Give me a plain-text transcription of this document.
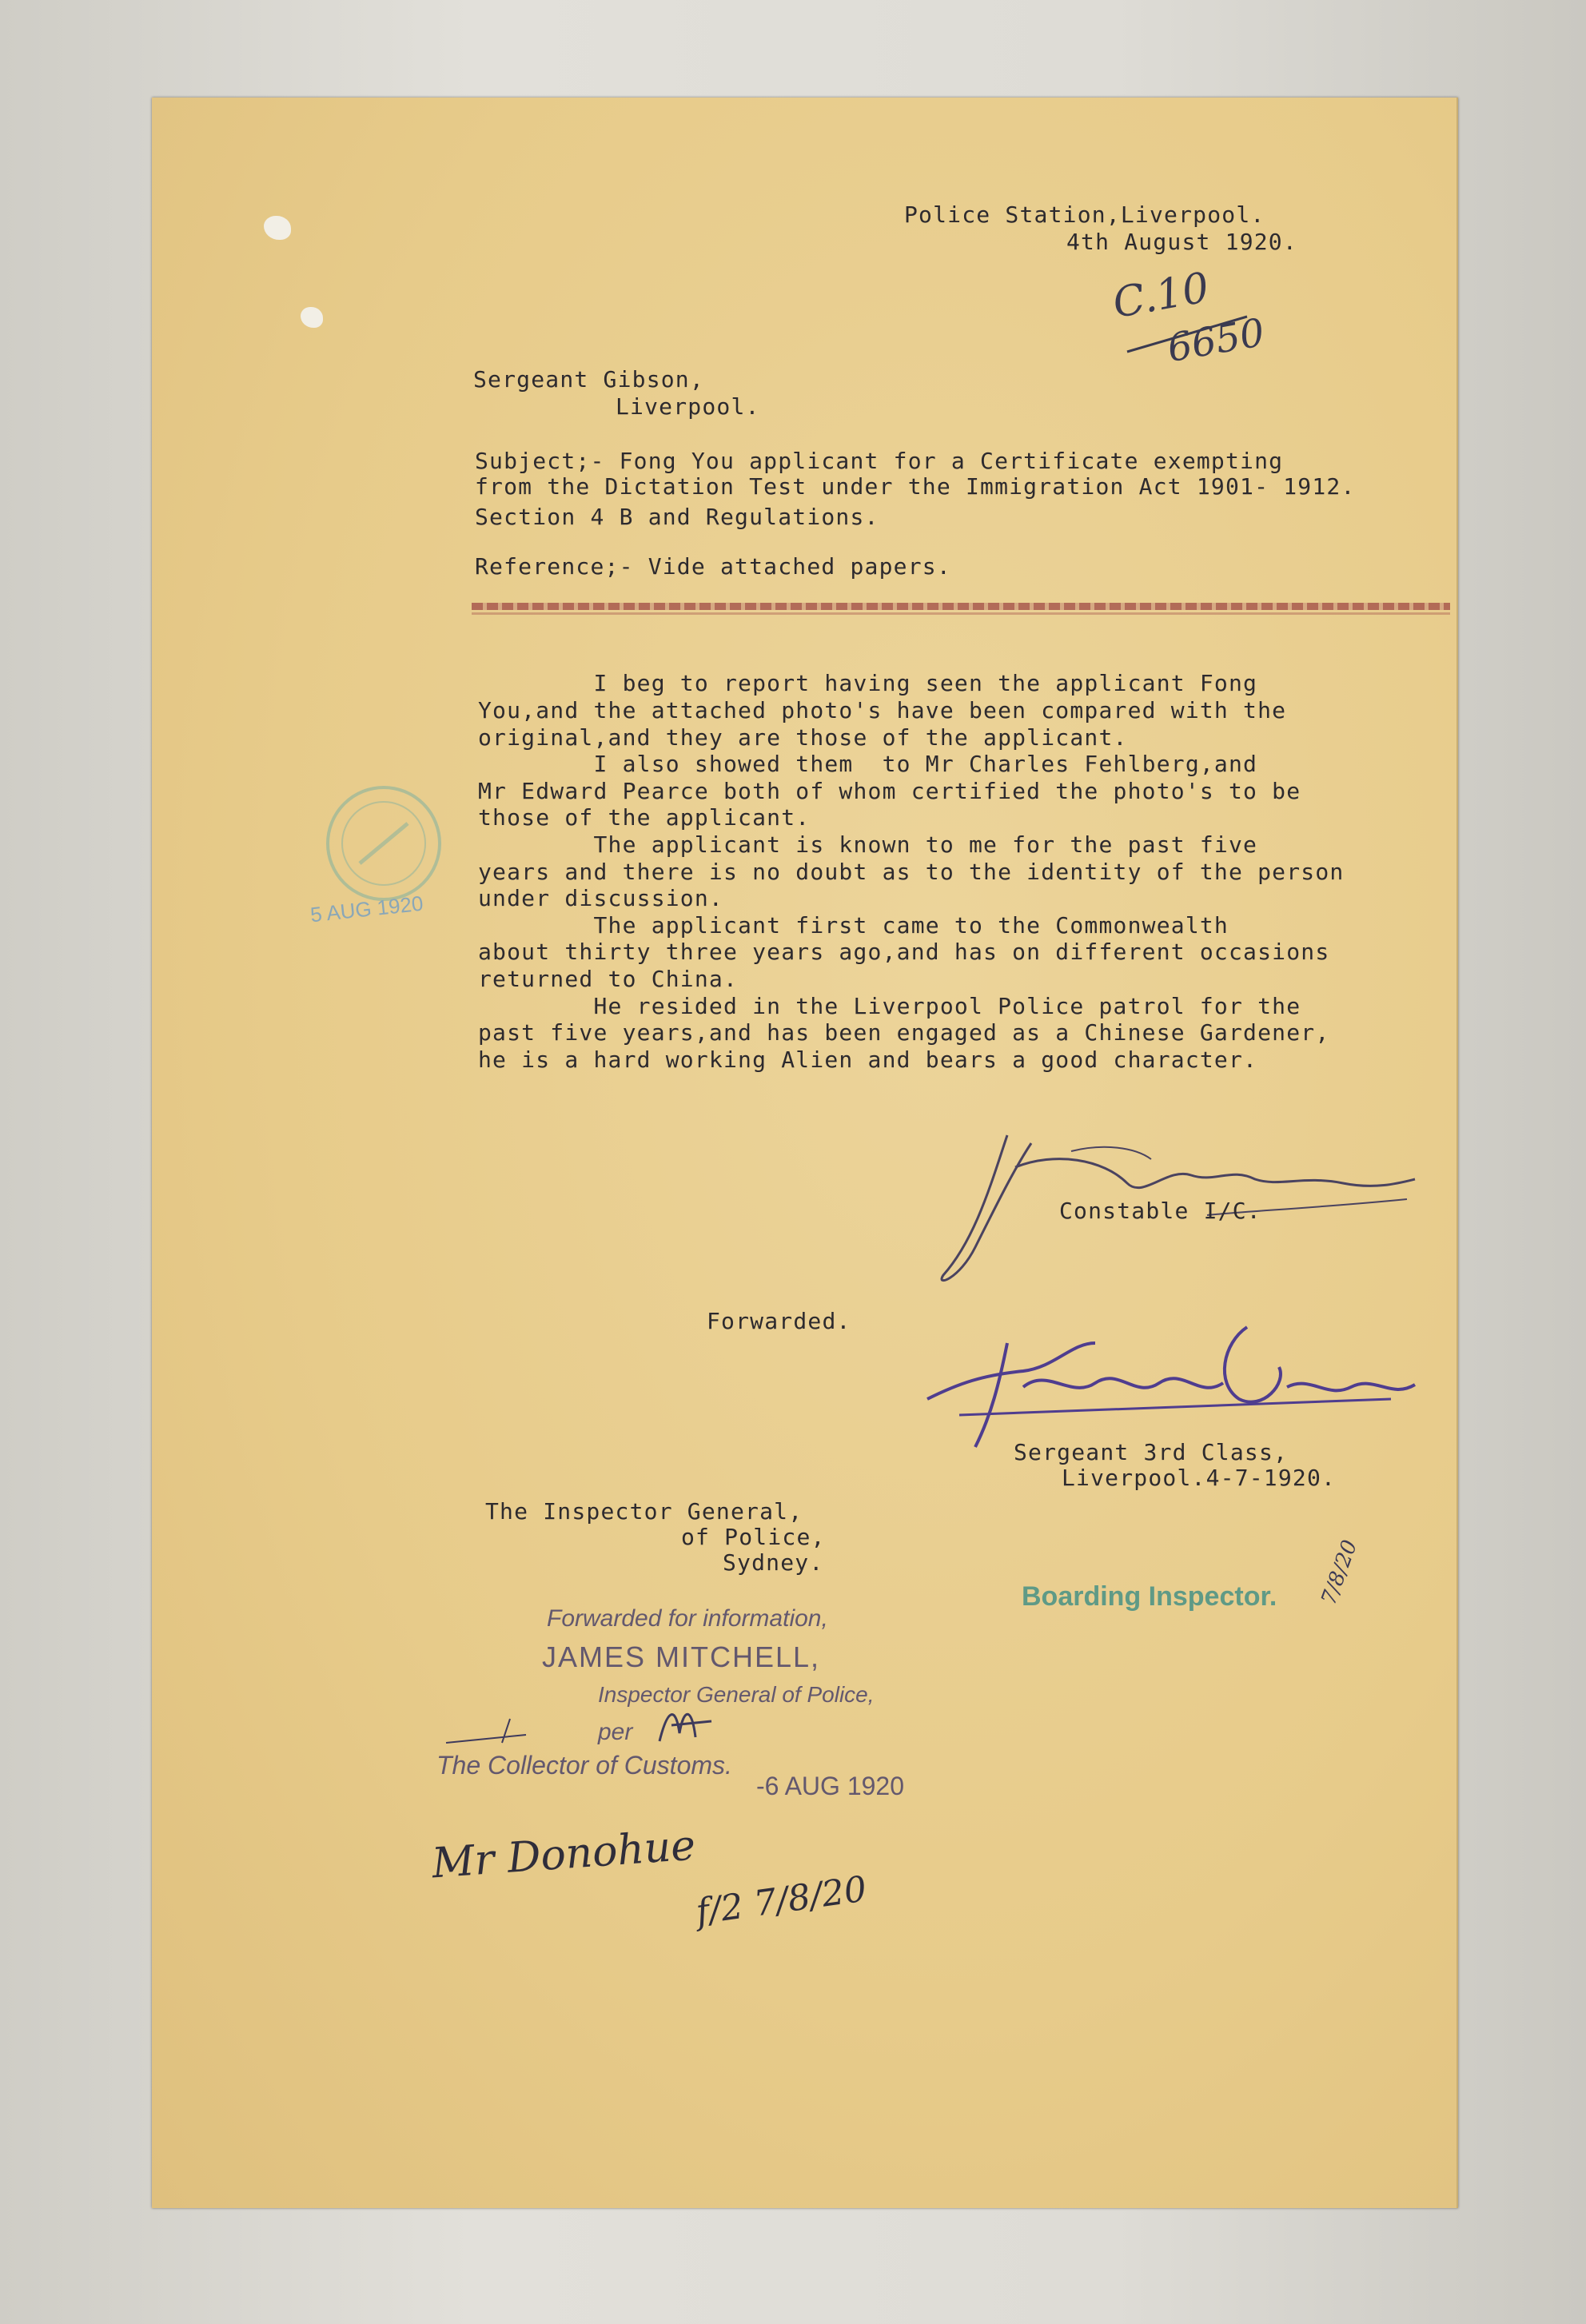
Police Station,Liverpool.

4th August 1920.

C.10

6650

Sergeant Gibson,

Liverpool.

Subject;- Fong You applicant for a Certificate exempting

from the Dictation Test under the Immigration Act 1901- 1912.

Section 4 B and Regulations.

Reference;- Vide attached papers.

I beg to report having seen the applicant Fong

You,and the attached photo's have been compared with the

original,and they are those of the applicant.

I also showed them  to Mr Charles Fehlberg,and

Mr Edward Pearce both of whom certified the photo's to be

those of the applicant.

The applicant is known to me for the past five

years and there is no doubt as to the identity of the person

under discussion.

The applicant first came to the Commonwealth

about thirty three years ago,and has on different occasions

returned to China.

He resided in the Liverpool Police patrol for the

past five years,and has been engaged as a Chinese Gardener,

he is a hard working Alien and bears a good character.

5 AUG 1920

Constable I/C.

Forwarded.

Sergeant 3rd Class,

Liverpool.4-7-1920.

The Inspector General,

of Police,

Sydney.

Boarding Inspector. 7/8/20

Forwarded for information,

JAMES MITCHELL,

Inspector General of Police,

per

The Collector of Customs.

-6 AUG 1920

Mr Donohue

f/2 7/8/20
